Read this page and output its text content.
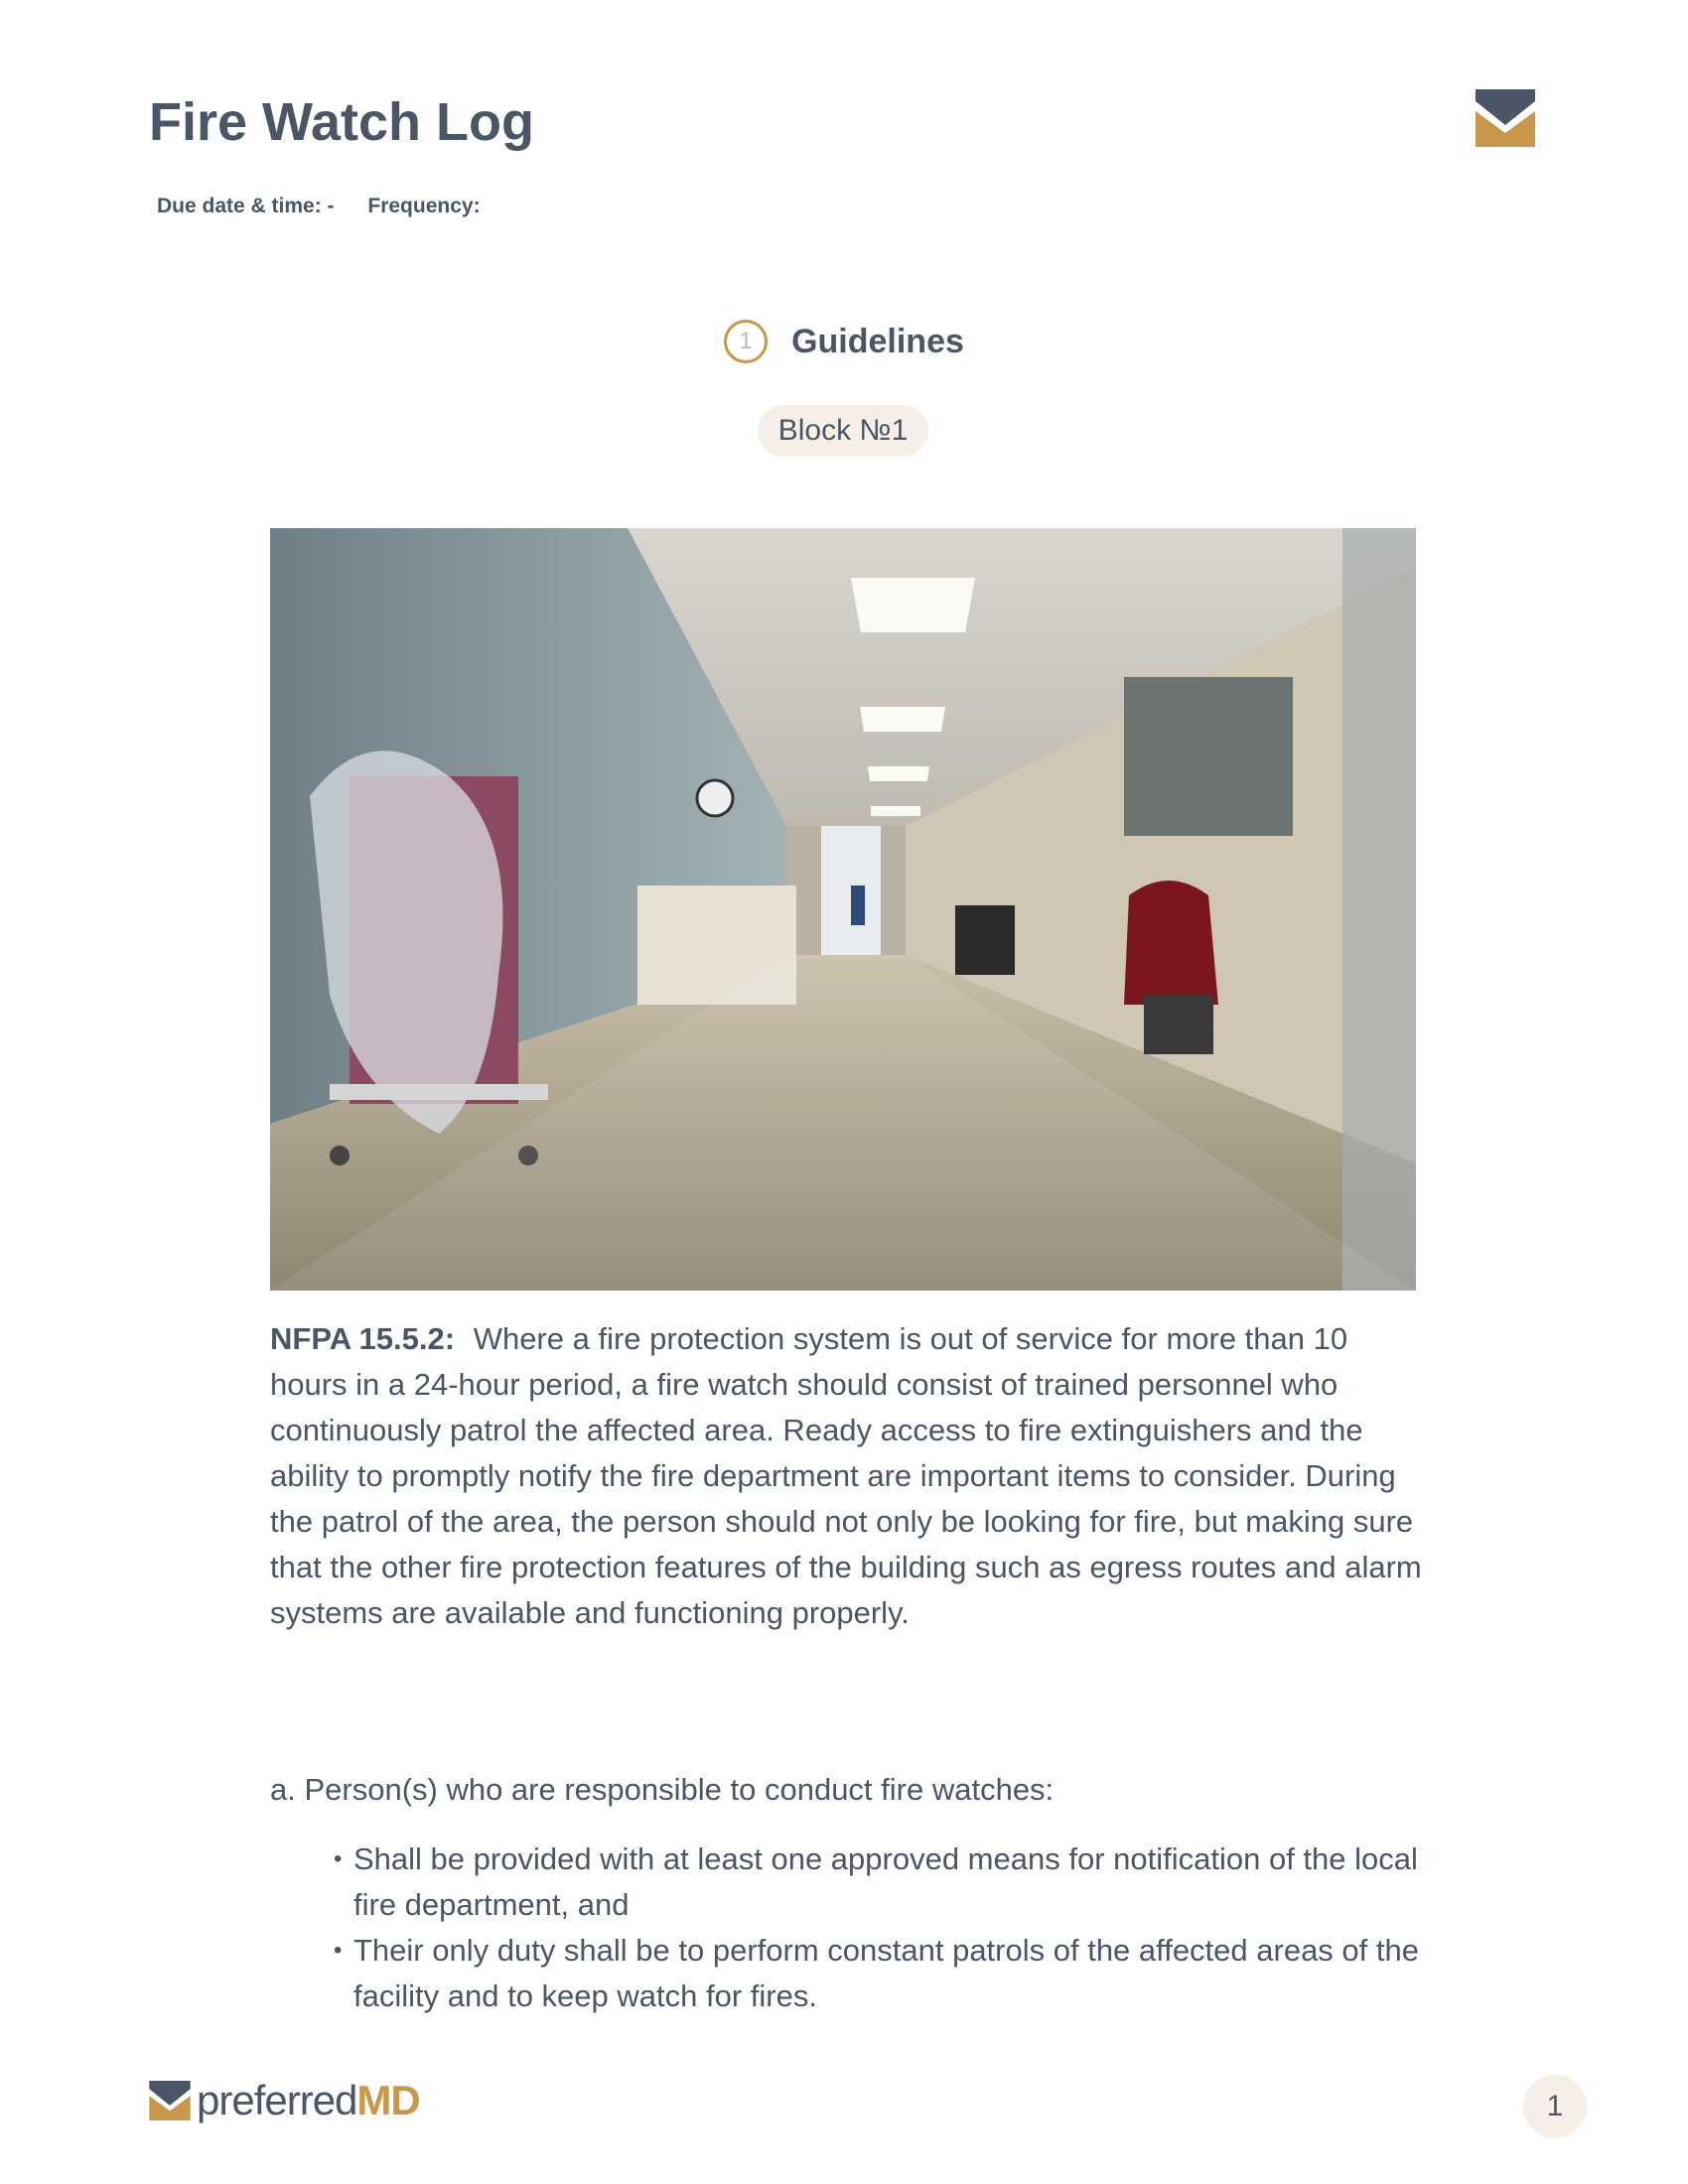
Fire Watch Log
Due date & time: - Frequency:
1	Guidelines
Block №1

NFPA 15.5.2: Where a fire protection system is out of service for more than 10 hours in a 24-hour period, a fire watch should consist of trained personnel who continuously patrol the affected area. Ready access to fire extinguishers and the ability to promptly notify the fire department are important items to consider. During the patrol of the area, the person should not only be looking for fire, but making sure that the other fire protection features of the building such as egress routes and alarm systems are available and functioning properly.

a. Person(s) who are responsible to conduct fire watches:

• Shall be provided with at least one approved means for notification of the local fire department, and
• Their only duty shall be to perform constant patrols of the affected areas of the facility and to keep watch for fires.
preferredMD	1
